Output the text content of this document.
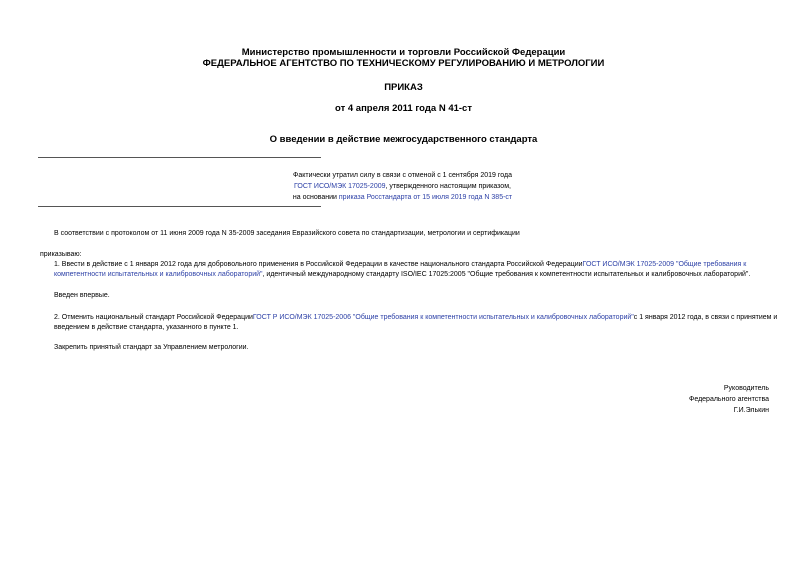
Министерство промышленности и торговли Российской Федерации
ФЕДЕРАЛЬНОЕ АГЕНТСТВО ПО ТЕХНИЧЕСКОМУ РЕГУЛИРОВАНИЮ И МЕТРОЛОГИИ
ПРИКАЗ
от 4 апреля 2011 года N 41-ст
О введении в действие межгосударственного стандарта
Фактически утратил силу в связи с отменой с 1 сентября 2019 года
ГОСТ ИСО/МЭК 17025-2009, утвержденного настоящим приказом,
на основании приказа Росстандарта от 15 июля 2019 года N 385-ст
В соответствии с протоколом от 11 июня 2009 года N 35-2009 заседания Евразийского совета по стандартизации, метрологии и сертификации
приказываю:
1. Ввести в действие с 1 января 2012 года для добровольного применения в Российской Федерации в качестве национального стандарта Российской ФедерацииГОСТ ИСО/МЭК 17025-2009 "Общие требования к компетентности испытательных и калибровочных лабораторий", идентичный международному стандарту ISO/IEC 17025:2005 "Общие требования к компетентности испытательных и калибровочных лабораторий".
Введен впервые.
2. Отменить национальный стандарт Российской ФедерацииГОСТ Р ИСО/МЭК 17025-2006 "Общие требования к компетентности испытательных и калибровочных лабораторий"с 1 января 2012 года, в связи с принятием и введением в действие стандарта, указанного в пункте 1.
Закрепить принятый стандарт за Управлением метрологии.
Руководитель
Федерального агентства
Г.И.Элькин
